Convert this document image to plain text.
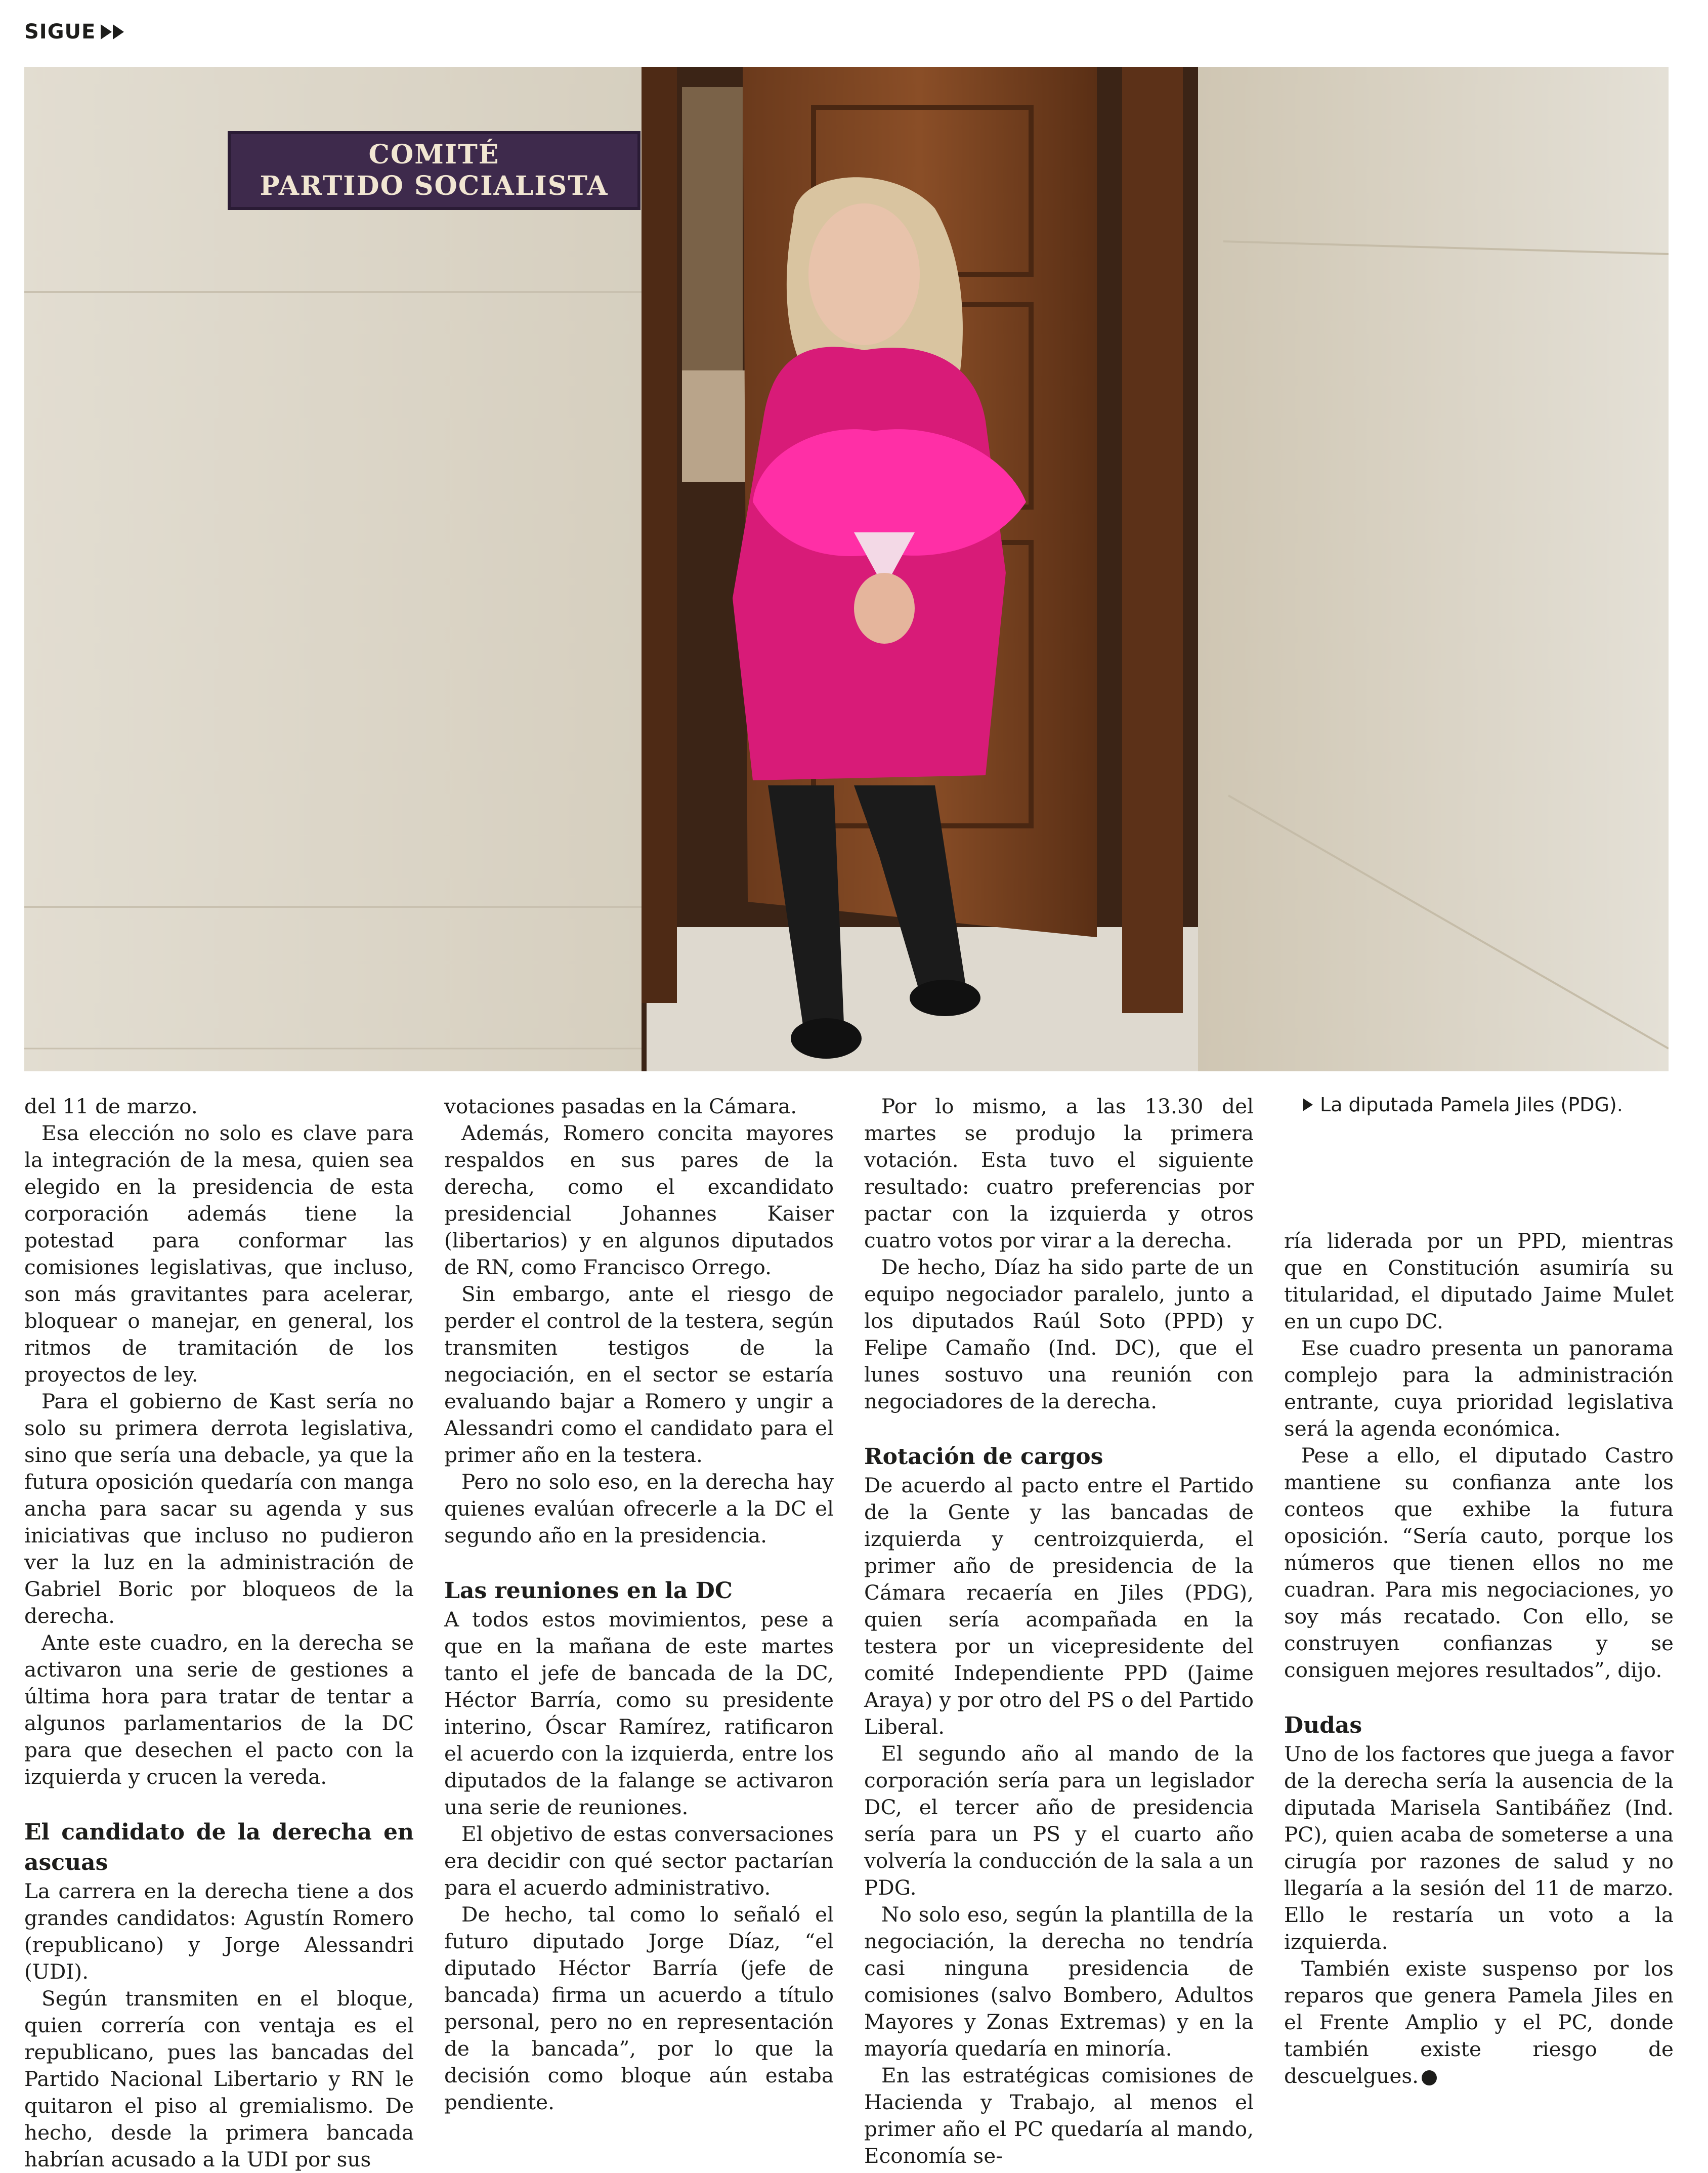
SIGUE
COMITÉ
PARTIDO SOCIALISTA

del 11 de marzo.

Esa elección no solo es clave para la integración de la mesa, quien sea elegido en la presidencia de esta corporación además tiene la potestad para conformar las comisiones legislativas, que incluso, son más gravitantes para acelerar, bloquear o manejar, en general, los ritmos de tramitación de los proyectos de ley.

Para el gobierno de Kast sería no solo su primera derrota legislativa, sino que sería una debacle, ya que la futura oposición quedaría con manga ancha para sacar su agenda y sus iniciativas que incluso no pudieron ver la luz en la administración de Gabriel Boric por bloqueos de la derecha.

Ante este cuadro, en la derecha se activaron una serie de gestiones a última hora para tratar de tentar a algunos parlamentarios de la DC para que desechen el pacto con la izquierda y crucen la vereda.

El candidato de la derecha en ascuas

La carrera en la derecha tiene a dos grandes candidatos: Agustín Romero (republicano) y Jorge Alessandri (UDI).

Según transmiten en el bloque, quien correría con ventaja es el republicano, pues las bancadas del Partido Nacional Libertario y RN le quitaron el piso al gremialismo. De hecho, desde la primera bancada habrían acusado a la UDI por sus

votaciones pasadas en la Cámara.

Además, Romero concita mayores respaldos en sus pares de la derecha, como el excandidato presidencial Johannes Kaiser (libertarios) y en algunos diputados de RN, como Francisco Orrego.

Sin embargo, ante el riesgo de perder el control de la testera, según transmiten testigos de la negociación, en el sector se estaría evaluando bajar a Romero y ungir a Alessandri como el candidato para el primer año en la testera.

Pero no solo eso, en la derecha hay quienes evalúan ofrecerle a la DC el segundo año en la presidencia.

Las reuniones en la DC

A todos estos movimientos, pese a que en la mañana de este martes tanto el jefe de bancada de la DC, Héctor Barría, como su presidente interino, Óscar Ramírez, ratificaron el acuerdo con la izquierda, entre los diputados de la falange se activaron una serie de reuniones.

El objetivo de estas conversaciones era decidir con qué sector pactarían para el acuerdo administrativo.

De hecho, tal como lo señaló el futuro diputado Jorge Díaz, “el diputado Héctor Barría (jefe de bancada) firma un acuerdo a título personal, pero no en representación de la bancada”, por lo que la decisión como bloque aún estaba pendiente.

Por lo mismo, a las 13.30 del martes se produjo la primera votación. Esta tuvo el siguiente resultado: cuatro preferencias por pactar con la izquierda y otros cuatro votos por virar a la derecha.

De hecho, Díaz ha sido parte de un equipo negociador paralelo, junto a los diputados Raúl Soto (PPD) y Felipe Camaño (Ind. DC), que el lunes sostuvo una reunión con negociadores de la derecha.

Rotación de cargos

De acuerdo al pacto entre el Partido de la Gente y las bancadas de izquierda y centroizquierda, el primer año de presidencia de la Cámara recaería en Jiles (PDG), quien sería acompañada en la testera por un vicepresidente del comité Independiente PPD (Jaime Araya) y por otro del PS o del Partido Liberal.

El segundo año al mando de la corporación sería para un legislador DC, el tercer año de presidencia sería para un PS y el cuarto año volvería la conducción de la sala a un PDG.

No solo eso, según la plantilla de la negociación, la derecha no tendría casi ninguna presidencia de comisiones (salvo Bombero, Adultos Mayores y Zonas Extremas) y en la mayoría quedaría en minoría.

En las estratégicas comisiones de Hacienda y Trabajo, al menos el primer año el PC quedaría al mando, Economía se-

La diputada Pamela Jiles (PDG).

ría liderada por un PPD, mientras que en Constitución asumiría su titularidad, el diputado Jaime Mulet en un cupo DC.

Ese cuadro presenta un panorama complejo para la administración entrante, cuya prioridad legislativa será la agenda económica.

Pese a ello, el diputado Castro mantiene su confianza ante los conteos que exhibe la futura oposición. “Sería cauto, porque los números que tienen ellos no me cuadran. Para mis negociaciones, yo soy más recatado. Con ello, se construyen confianzas y se consiguen mejores resultados”, dijo.

Dudas

Uno de los factores que juega a favor de la derecha sería la ausencia de la diputada Marisela Santibáñez (Ind. PC), quien acaba de someterse a una cirugía por razones de salud y no llegaría a la sesión del 11 de marzo. Ello le restaría un voto a la izquierda.

También existe suspenso por los reparos que genera Pamela Jiles en el Frente Amplio y el PC, donde también existe riesgo de descuelgues.
